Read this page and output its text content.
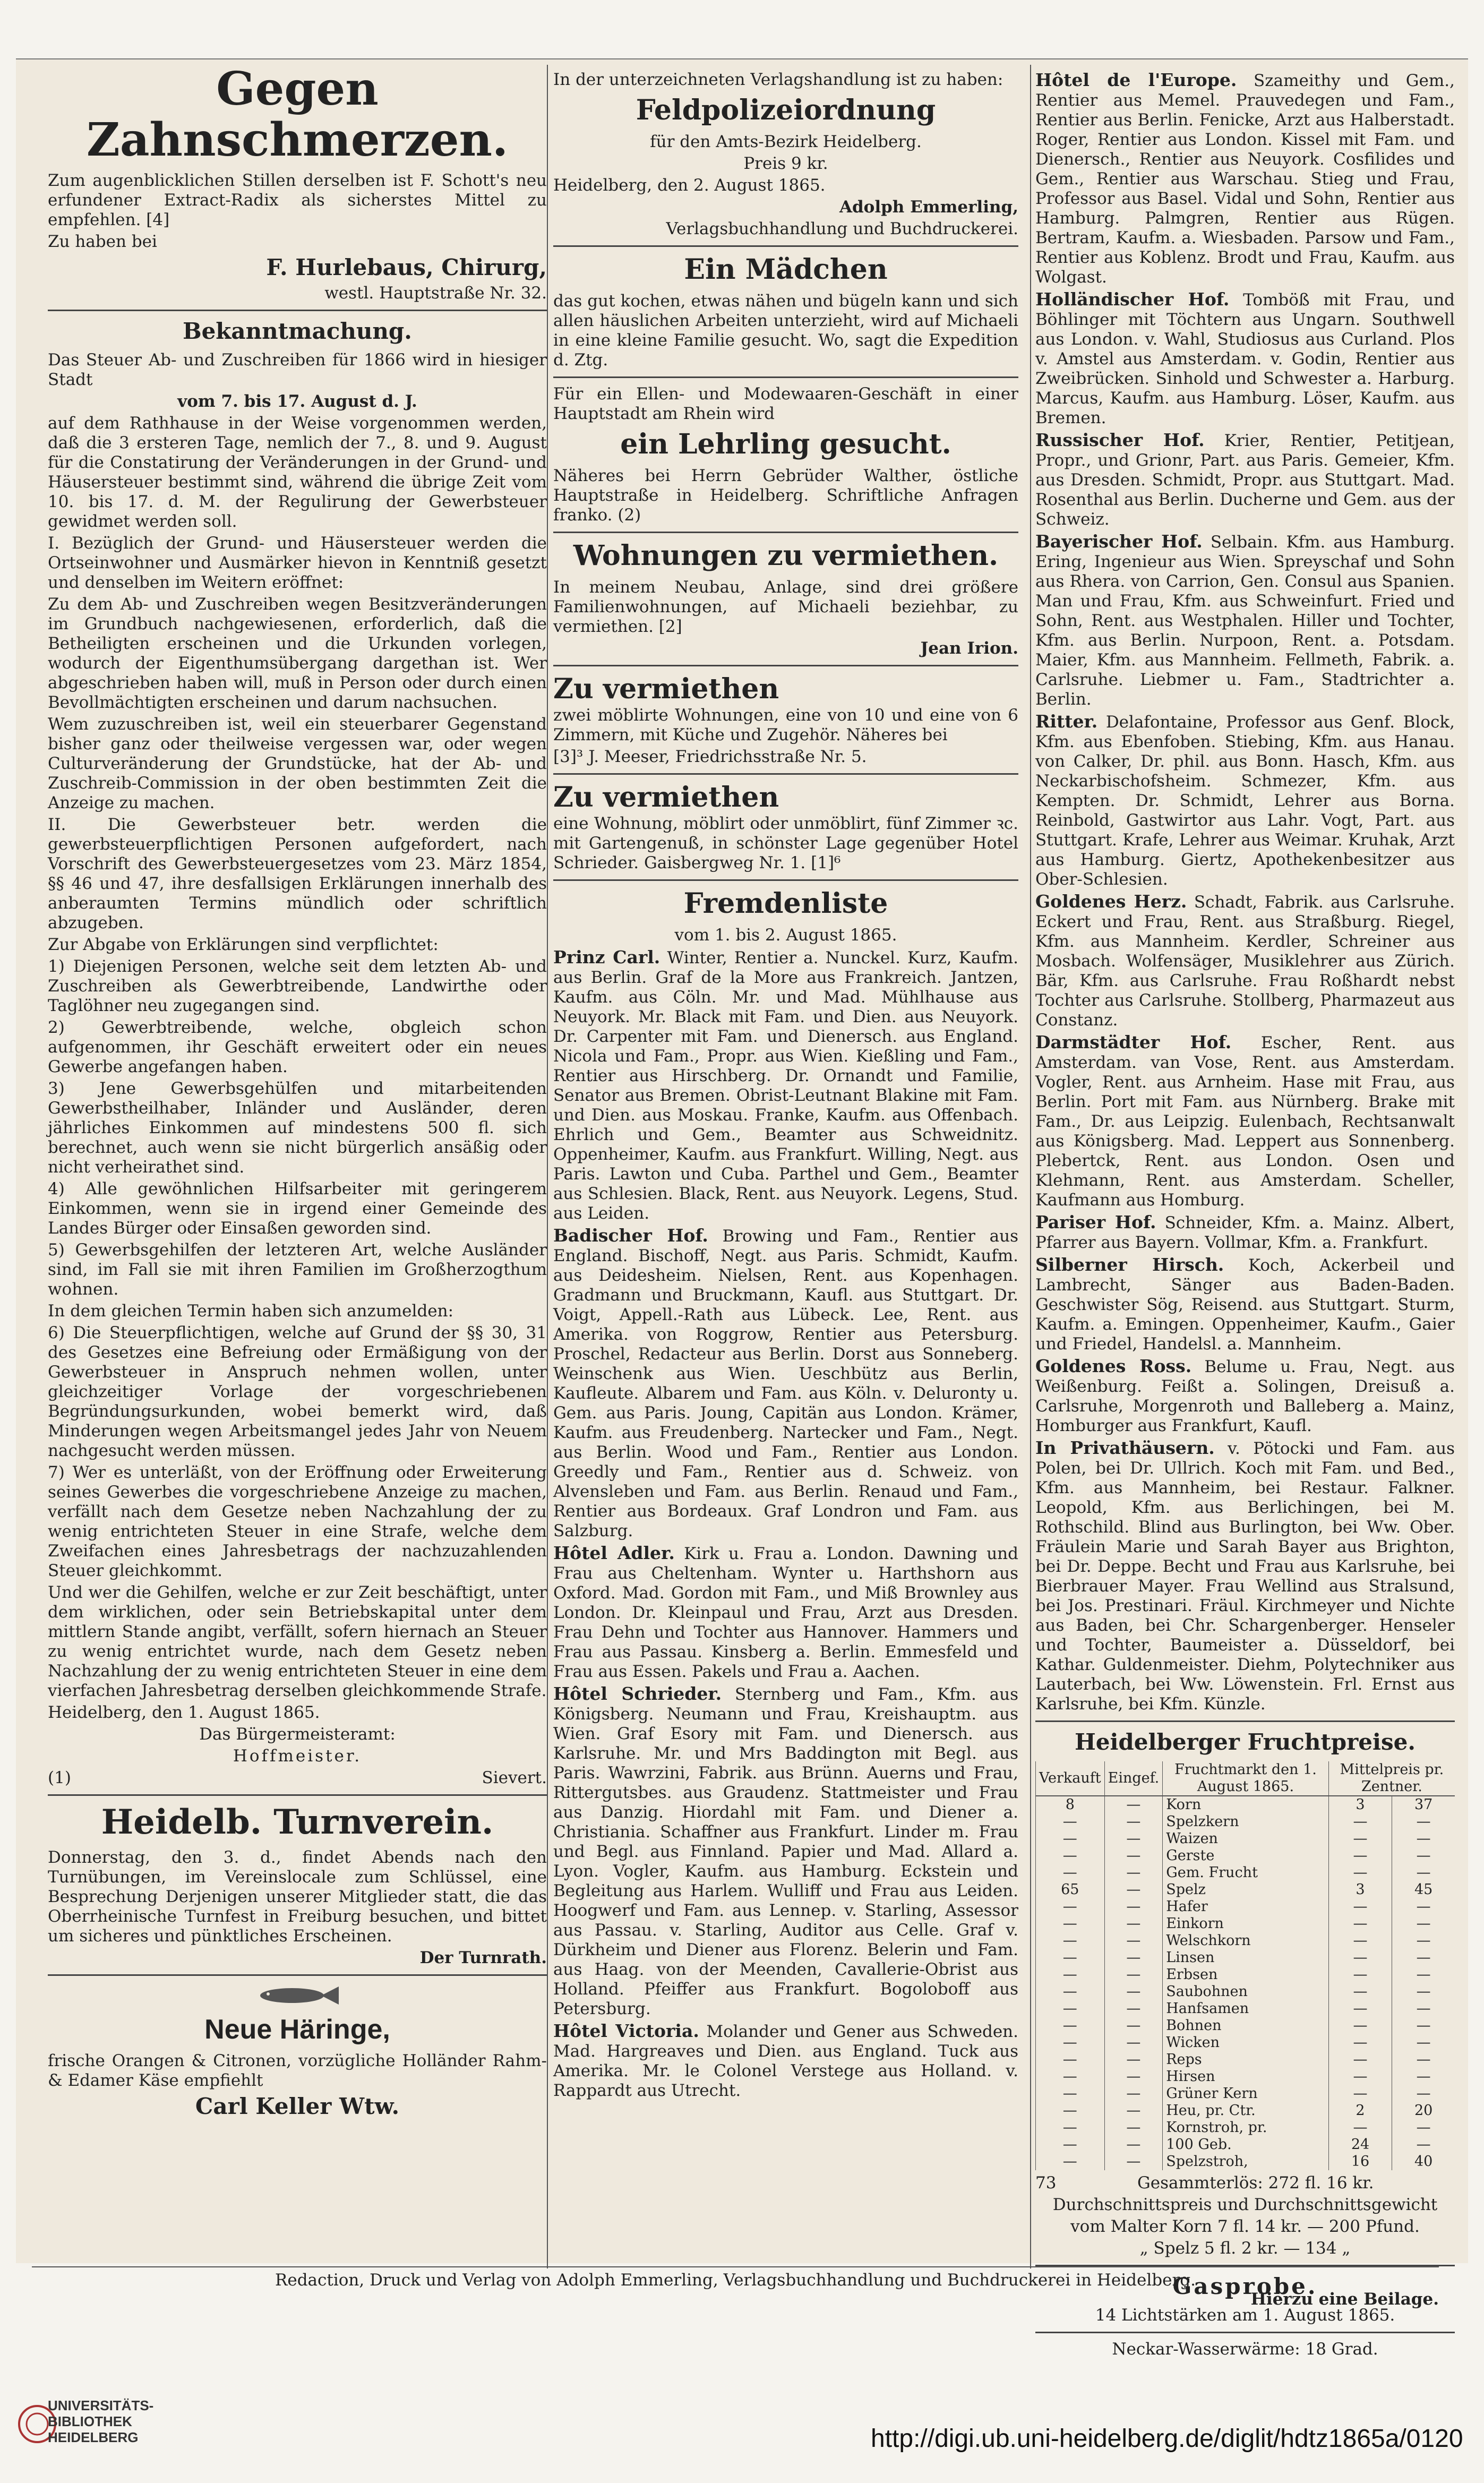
Gegen Zahnschmerzen.

Zum augenblicklichen Stillen derselben ist F. Schott's neu erfundener Extract-Radix als sicherstes Mittel zu empfehlen. [4]

Zu haben bei

F. Hurlebaus, Chirurg,

westl. Hauptstraße Nr. 32.

Bekanntmachung.

Das Steuer Ab- und Zuschreiben für 1866 wird in hiesiger Stadt

vom 7. bis 17. August d. J.

auf dem Rathhause in der Weise vorgenommen werden, daß die 3 ersteren Tage, nemlich der 7., 8. und 9. August für die Constatirung der Veränderungen in der Grund- und Häusersteuer bestimmt sind, während die übrige Zeit vom 10. bis 17. d. M. der Regulirung der Gewerbsteuer gewidmet werden soll.

I. Bezüglich der Grund- und Häusersteuer werden die Ortseinwohner und Ausmärker hievon in Kenntniß gesetzt und denselben im Weitern eröffnet:

Zu dem Ab- und Zuschreiben wegen Besitzveränderungen im Grundbuch nachgewiesenen, erforderlich, daß die Betheiligten erscheinen und die Urkunden vorlegen, wodurch der Eigenthumsübergang dargethan ist. Wer abgeschrieben haben will, muß in Person oder durch einen Bevollmächtigten erscheinen und darum nachsuchen.

Wem zuzuschreiben ist, weil ein steuerbarer Gegenstand bisher ganz oder theilweise vergessen war, oder wegen Culturveränderung der Grundstücke, hat der Ab- und Zuschreib-Commission in der oben bestimmten Zeit die Anzeige zu machen.

II. Die Gewerbsteuer betr. werden die gewerbsteuerpflichtigen Personen aufgefordert, nach Vorschrift des Gewerbsteuergesetzes vom 23. März 1854, §§ 46 und 47, ihre desfallsigen Erklärungen innerhalb des anberaumten Termins mündlich oder schriftlich abzugeben.

Zur Abgabe von Erklärungen sind verpflichtet:

1) Diejenigen Personen, welche seit dem letzten Ab- und Zuschreiben als Gewerbtreibende, Landwirthe oder Taglöhner neu zugegangen sind.

2) Gewerbtreibende, welche, obgleich schon aufgenommen, ihr Geschäft erweitert oder ein neues Gewerbe angefangen haben.

3) Jene Gewerbsgehülfen und mitarbeitenden Gewerbstheilhaber, Inländer und Ausländer, deren jährliches Einkommen auf mindestens 500 fl. sich berechnet, auch wenn sie nicht bürgerlich ansäßig oder nicht verheirathet sind.

4) Alle gewöhnlichen Hilfsarbeiter mit geringerem Einkommen, wenn sie in irgend einer Gemeinde des Landes Bürger oder Einsaßen geworden sind.

5) Gewerbsgehilfen der letzteren Art, welche Ausländer sind, im Fall sie mit ihren Familien im Großherzogthum wohnen.

In dem gleichen Termin haben sich anzumelden:

6) Die Steuerpflichtigen, welche auf Grund der §§ 30, 31 des Gesetzes eine Befreiung oder Ermäßigung von der Gewerbsteuer in Anspruch nehmen wollen, unter gleichzeitiger Vorlage der vorgeschriebenen Begründungsurkunden, wobei bemerkt wird, daß Minderungen wegen Arbeitsmangel jedes Jahr von Neuem nachgesucht werden müssen.

7) Wer es unterläßt, von der Eröffnung oder Erweiterung seines Gewerbes die vorgeschriebene Anzeige zu machen, verfällt nach dem Gesetze neben Nachzahlung der zu wenig entrichteten Steuer in eine Strafe, welche dem Zweifachen eines Jahresbetrags der nachzuzahlenden Steuer gleichkommt.

Und wer die Gehilfen, welche er zur Zeit beschäftigt, unter dem wirklichen, oder sein Betriebskapital unter dem mittlern Stande angibt, verfällt, sofern hiernach an Steuer zu wenig entrichtet wurde, nach dem Gesetz neben Nachzahlung der zu wenig entrichteten Steuer in eine dem vierfachen Jahresbetrag derselben gleichkommende Strafe.

Heidelberg, den 1. August 1865.

Das Bürgermeisteramt:

Hoffmeister.

(1)	Sievert.

Heidelb. Turnverein.

Donnerstag, den 3. d., findet Abends nach den Turnübungen, im Vereinslocale zum Schlüssel, eine Besprechung Derjenigen unserer Mitglieder statt, die das Oberrheinische Turnfest in Freiburg besuchen, und bittet um sicheres und pünktliches Erscheinen.

Der Turnrath.

Neue Häringe,

frische Orangen & Citronen, vorzügliche Holländer Rahm- & Edamer Käse empfiehlt

Carl Keller Wtw.

In der unterzeichneten Verlagshandlung ist zu haben:

Feldpolizeiordnung

für den Amts-Bezirk Heidelberg.

Preis 9 kr.

Heidelberg, den 2. August 1865.

Adolph Emmerling,

Verlagsbuchhandlung und Buchdruckerei.

Ein Mädchen

das gut kochen, etwas nähen und bügeln kann und sich allen häuslichen Arbeiten unterzieht, wird auf Michaeli in eine kleine Familie gesucht. Wo, sagt die Expedition d. Ztg.

Für ein Ellen- und Modewaaren-Geschäft in einer Hauptstadt am Rhein wird

ein Lehrling gesucht.

Näheres bei Herrn Gebrüder Walther, östliche Hauptstraße in Heidelberg. Schriftliche Anfragen franko. (2)

Wohnungen zu vermiethen.

In meinem Neubau, Anlage, sind drei größere Familienwohnungen, auf Michaeli beziehbar, zu vermiethen. [2]

Jean Irion.

Zu vermiethen

zwei möblirte Wohnungen, eine von 10 und eine von 6 Zimmern, mit Küche und Zugehör. Näheres bei

[3]³ J. Meeser, Friedrichsstraße Nr. 5.

Zu vermiethen

eine Wohnung, möblirt oder unmöblirt, fünf Zimmer ꝛc. mit Gartengenuß, in schönster Lage gegenüber Hotel Schrieder. Gaisbergweg Nr. 1. [1]⁶

Fremdenliste

vom 1. bis 2. August 1865.

Prinz Carl. Winter, Rentier a. Nunckel. Kurz, Kaufm. aus Berlin. Graf de la More aus Frankreich. Jantzen, Kaufm. aus Cöln. Mr. und Mad. Mühlhause aus Neuyork. Mr. Black mit Fam. und Dien. aus Neuyork. Dr. Carpenter mit Fam. und Dienersch. aus England. Nicola und Fam., Propr. aus Wien. Kießling und Fam., Rentier aus Hirschberg. Dr. Ornandt und Familie, Senator aus Bremen. Obrist-Leutnant Blakine mit Fam. und Dien. aus Moskau. Franke, Kaufm. aus Offenbach. Ehrlich und Gem., Beamter aus Schweidnitz. Oppenheimer, Kaufm. aus Frankfurt. Willing, Negt. aus Paris. Lawton und Cuba. Parthel und Gem., Beamter aus Schlesien. Black, Rent. aus Neuyork. Legens, Stud. aus Leiden.

Badischer Hof. Browing und Fam., Rentier aus England. Bischoff, Negt. aus Paris. Schmidt, Kaufm. aus Deidesheim. Nielsen, Rent. aus Kopenhagen. Gradmann und Bruckmann, Kaufl. aus Stuttgart. Dr. Voigt, Appell.-Rath aus Lübeck. Lee, Rent. aus Amerika. von Roggrow, Rentier aus Petersburg. Proschel, Redacteur aus Berlin. Dorst aus Sonneberg. Weinschenk aus Wien. Ueschbütz aus Berlin, Kaufleute. Albarem und Fam. aus Köln. v. Deluronty u. Gem. aus Paris. Joung, Capitän aus London. Krämer, Kaufm. aus Freudenberg. Nartecker und Fam., Negt. aus Berlin. Wood und Fam., Rentier aus London. Greedly und Fam., Rentier aus d. Schweiz. von Alvensleben und Fam. aus Berlin. Renaud und Fam., Rentier aus Bordeaux. Graf Londron und Fam. aus Salzburg.

Hôtel Adler. Kirk u. Frau a. London. Dawning und Frau aus Cheltenham. Wynter u. Harthshorn aus Oxford. Mad. Gordon mit Fam., und Miß Brownley aus London. Dr. Kleinpaul und Frau, Arzt aus Dresden. Frau Dehn und Tochter aus Hannover. Hammers und Frau aus Passau. Kinsberg a. Berlin. Emmesfeld und Frau aus Essen. Pakels und Frau a. Aachen.

Hôtel Schrieder. Sternberg und Fam., Kfm. aus Königsberg. Neumann und Frau, Kreishauptm. aus Wien. Graf Esory mit Fam. und Dienersch. aus Karlsruhe. Mr. und Mrs Baddington mit Begl. aus Paris. Wawrzini, Fabrik. aus Brünn. Auerns und Frau, Rittergutsbes. aus Graudenz. Stattmeister und Frau aus Danzig. Hiordahl mit Fam. und Diener a. Christiania. Schaffner aus Frankfurt. Linder m. Frau und Begl. aus Finnland. Papier und Mad. Allard a. Lyon. Vogler, Kaufm. aus Hamburg. Eckstein und Begleitung aus Harlem. Wulliff und Frau aus Leiden. Hoogwerf und Fam. aus Lennep. v. Starling, Assessor aus Passau. v. Starling, Auditor aus Celle. Graf v. Dürkheim und Diener aus Florenz. Belerin und Fam. aus Haag. von der Meenden, Cavallerie-Obrist aus Holland. Pfeiffer aus Frankfurt. Bogoloboff aus Petersburg.

Hôtel Victoria. Molander und Gener aus Schweden. Mad. Hargreaves und Dien. aus England. Tuck aus Amerika. Mr. le Colonel Verstege aus Holland. v. Rappardt aus Utrecht.

Hôtel de l'Europe. Szameithy und Gem., Rentier aus Memel. Prauvedegen und Fam., Rentier aus Berlin. Fenicke, Arzt aus Halberstadt. Roger, Rentier aus London. Kissel mit Fam. und Dienersch., Rentier aus Neuyork. Cosfilides und Gem., Rentier aus Warschau. Stieg und Frau, Professor aus Basel. Vidal und Sohn, Rentier aus Hamburg. Palmgren, Rentier aus Rügen. Bertram, Kaufm. a. Wiesbaden. Parsow und Fam., Rentier aus Koblenz. Brodt und Frau, Kaufm. aus Wolgast.

Holländischer Hof. Tomböß mit Frau, und Böhlinger mit Töchtern aus Ungarn. Southwell aus London. v. Wahl, Studiosus aus Curland. Plos v. Amstel aus Amsterdam. v. Godin, Rentier aus Zweibrücken. Sinhold und Schwester a. Harburg. Marcus, Kaufm. aus Hamburg. Löser, Kaufm. aus Bremen.

Russischer Hof. Krier, Rentier, Petitjean, Propr., und Grionr, Part. aus Paris. Gemeier, Kfm. aus Dresden. Schmidt, Propr. aus Stuttgart. Mad. Rosenthal aus Berlin. Ducherne und Gem. aus der Schweiz.

Bayerischer Hof. Selbain. Kfm. aus Hamburg. Ering, Ingenieur aus Wien. Spreyschaf und Sohn aus Rhera. von Carrion, Gen. Consul aus Spanien. Man und Frau, Kfm. aus Schweinfurt. Fried und Sohn, Rent. aus Westphalen. Hiller und Tochter, Kfm. aus Berlin. Nurpoon, Rent. a. Potsdam. Maier, Kfm. aus Mannheim. Fellmeth, Fabrik. a. Carlsruhe. Liebmer u. Fam., Stadtrichter a. Berlin.

Ritter. Delafontaine, Professor aus Genf. Block, Kfm. aus Ebenfoben. Stiebing, Kfm. aus Hanau. von Calker, Dr. phil. aus Bonn. Hasch, Kfm. aus Neckarbischofsheim. Schmezer, Kfm. aus Kempten. Dr. Schmidt, Lehrer aus Borna. Reinbold, Gastwirtor aus Lahr. Vogt, Part. aus Stuttgart. Krafe, Lehrer aus Weimar. Kruhak, Arzt aus Hamburg. Giertz, Apothekenbesitzer aus Ober-Schlesien.

Goldenes Herz. Schadt, Fabrik. aus Carlsruhe. Eckert und Frau, Rent. aus Straßburg. Riegel, Kfm. aus Mannheim. Kerdler, Schreiner aus Mosbach. Wolfensäger, Musiklehrer aus Zürich. Bär, Kfm. aus Carlsruhe. Frau Roßhardt nebst Tochter aus Carlsruhe. Stollberg, Pharmazeut aus Constanz.

Darmstädter Hof. Escher, Rent. aus Amsterdam. van Vose, Rent. aus Amsterdam. Vogler, Rent. aus Arnheim. Hase mit Frau, aus Berlin. Port mit Fam. aus Nürnberg. Brake mit Fam., Dr. aus Leipzig. Eulenbach, Rechtsanwalt aus Königsberg. Mad. Leppert aus Sonnenberg. Plebertck, Rent. aus London. Osen und Klehmann, Rent. aus Amsterdam. Scheller, Kaufmann aus Homburg.

Pariser Hof. Schneider, Kfm. a. Mainz. Albert, Pfarrer aus Bayern. Vollmar, Kfm. a. Frankfurt.

Silberner Hirsch. Koch, Ackerbeil und Lambrecht, Sänger aus Baden-Baden. Geschwister Sög, Reisend. aus Stuttgart. Sturm, Kaufm. a. Emingen. Oppenheimer, Kaufm., Gaier und Friedel, Handelsl. a. Mannheim.

Goldenes Ross. Belume u. Frau, Negt. aus Weißenburg. Feißt a. Solingen, Dreisuß a. Carlsruhe, Morgenroth und Balleberg a. Mainz, Homburger aus Frankfurt, Kaufl.

In Privathäusern. v. Pötocki und Fam. aus Polen, bei Dr. Ullrich. Koch mit Fam. und Bed., Kfm. aus Mannheim, bei Restaur. Falkner. Leopold, Kfm. aus Berlichingen, bei M. Rothschild. Blind aus Burlington, bei Ww. Ober. Fräulein Marie und Sarah Bayer aus Brighton, bei Dr. Deppe. Becht und Frau aus Karlsruhe, bei Bierbrauer Mayer. Frau Wellind aus Stralsund, bei Jos. Prestinari. Fräul. Kirchmeyer und Nichte aus Baden, bei Chr. Schargenberger. Henseler und Tochter, Baumeister a. Düsseldorf, bei Kathar. Guldenmeister. Diehm, Polytechniker aus Lauterbach, bei Ww. Löwenstein. Frl. Ernst aus Karlsruhe, bei Kfm. Künzle.

Heidelberger Fruchtpreise.
Verkauft	Eingef.	Fruchtmarkt den 1. August 1865.	Mittelpreis pr. Zentner.	
8	—	Korn	3	37
—	—	Spelzkern	—	—
—	—	Waizen	—	—
—	—	Gerste	—	—
—	—	Gem. Frucht	—	—
65	—	Spelz	3	45
—	—	Hafer	—	—
—	—	Einkorn	—	—
—	—	Welschkorn	—	—
—	—	Linsen	—	—
—	—	Erbsen	—	—
—	—	Saubohnen	—	—
—	—	Hanfsamen	—	—
—	—	Bohnen	—	—
—	—	Wicken	—	—
—	—	Reps	—	—
—	—	Hirsen	—	—
—	—	Grüner Kern	—	—
—	—	Heu, pr. Ctr.	2	20
—	—	Kornstroh, pr.	—	—
—	—	100 Geb.	24	—
—	—	Spelzstroh,	16	40

73	Gesammterlös: 272 fl. 16 kr.

Durchschnittspreis und Durchschnittsgewicht

vom Malter Korn 7 fl. 14 kr. — 200 Pfund.

„ Spelz 5 fl. 2 kr. — 134 „

Gasprobe.

14 Lichtstärken am 1. August 1865.

Neckar-Wasserwärme: 18 Grad.

Redaction, Druck und Verlag von Adolph Emmerling, Verlagsbuchhandlung und Buchdruckerei in Heidelberg.
Hierzu eine Beilage.
UNIVERSITÄTS-
BIBLIOTHEK
HEIDELBERG	http://digi.ub.uni-heidelberg.de/diglit/hdtz1865a/0120
